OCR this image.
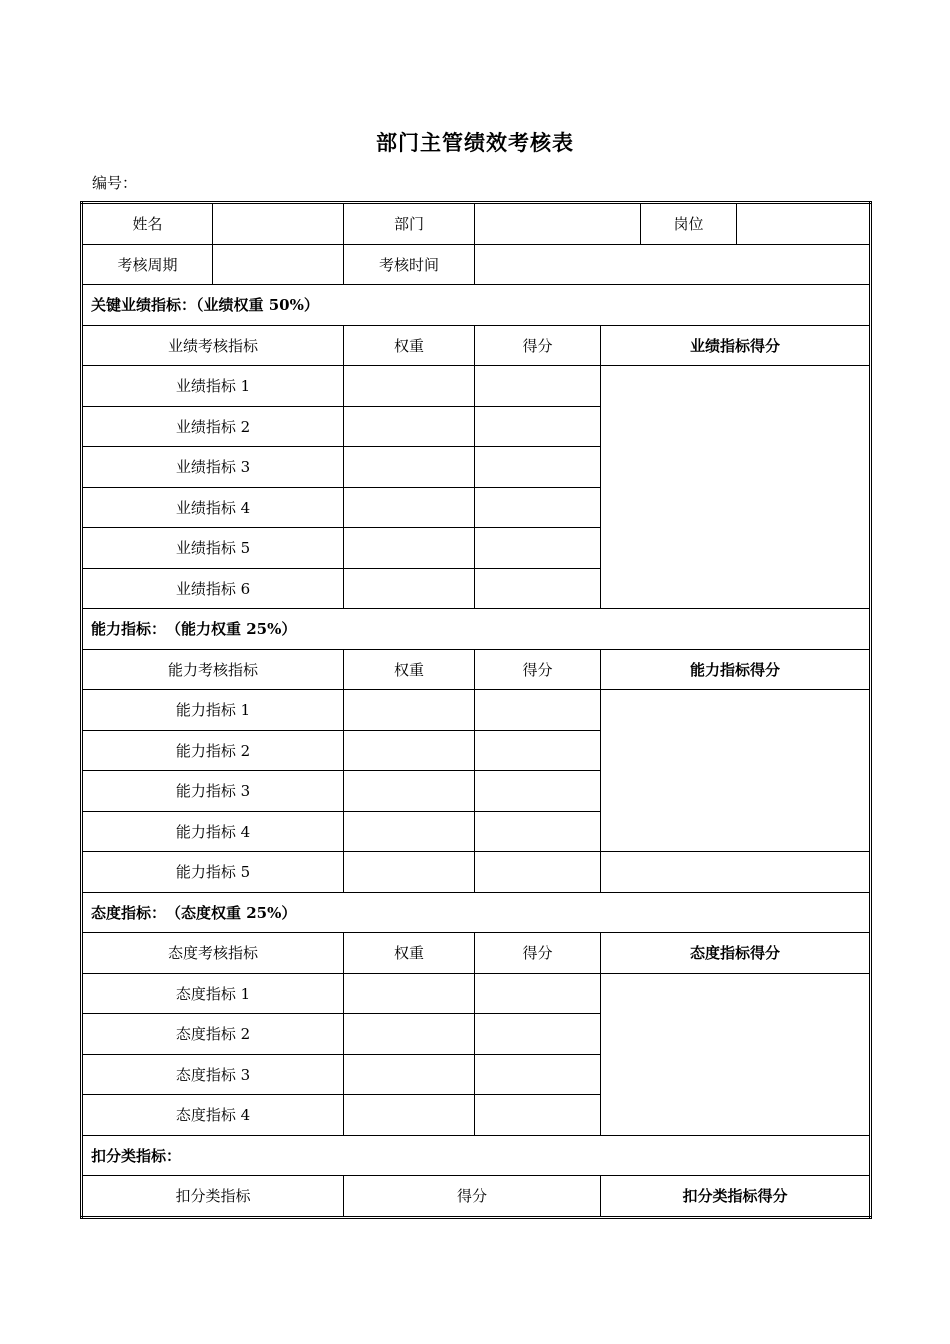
部门主管绩效考核表
编号：
姓名		部门			岗位	
考核周期		考核时间				
关键业绩指标：（业绩权重 50%）						
业绩考核指标		权重	得分	业绩指标得分		
业绩指标 1						
业绩指标 2						
业绩指标 3						
业绩指标 4						
业绩指标 5						
业绩指标 6						
能力指标：　（能力权重 25%）						
能力考核指标		权重	得分	能力指标得分		
能力指标 1						
能力指标 2						
能力指标 3						
能力指标 4						
能力指标 5						
态度指标：　（态度权重 25%）						
态度考核指标		权重	得分	态度指标得分		
态度指标 1						
态度指标 2						
态度指标 3						
态度指标 4						
扣分类指标：						
扣分类指标		得分		扣分类指标得分		
